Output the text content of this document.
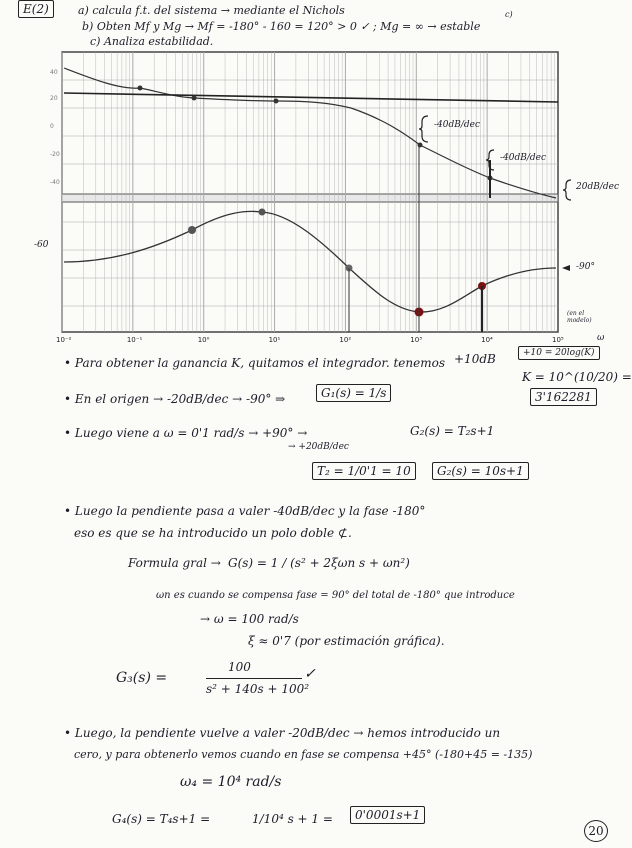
E(2)	a) calcula f.t. del sistema → mediante el Nichols	c)
b) Obten Mf y Mg → Mf = -180° - 160 = 120° > 0 ✓ ; Mg = ∞ → estable
c) Analiza estabilidad.
40
20
0
-20
-40
10⁻²	10⁻¹	10⁰	10¹	10²	10³	10⁴	10⁵
-40dB/dec
-40dB/dec
20dB/dec
-90°
-60
(en el modelo)
ω
• Para obtener la ganancia K, quitamos el integrador. tenemos +10dB	+10 = 20log(K)
K = 10^(10/20) =
3'162281
• En el origen → -20dB/dec → -90° ⇒	G₁(s) = 1/s
• Luego viene a ω = 0'1 rad/s → +90° →
→ +20dB/dec
G₂(s) = T₂s+1
T₂ = 1/0'1 = 10	G₂(s) = 10s+1
• Luego la pendiente pasa a valer -40dB/dec y la fase -180°
eso es que se ha introducido un polo doble ⊄.
Formula gral → G(s) = 1 / (s² + 2ξωn s + ωn²)
ωn es cuando se compensa fase = 90° del total de -180° que introduce
→ ω = 100 rad/s
ξ ≈ 0'7 (por estimación gráfica).
G₃(s) =
100
s² + 140s + 100²
✓
• Luego, la pendiente vuelve a valer -20dB/dec → hemos introducido un
cero, y para obtenerlo vemos cuando en fase se compensa +45° (-180+45 = -135)
ω₄ = 10⁴ rad/s
G₄(s) = T₄s+1 =	1/10⁴ s + 1 =	0'0001s+1
20
